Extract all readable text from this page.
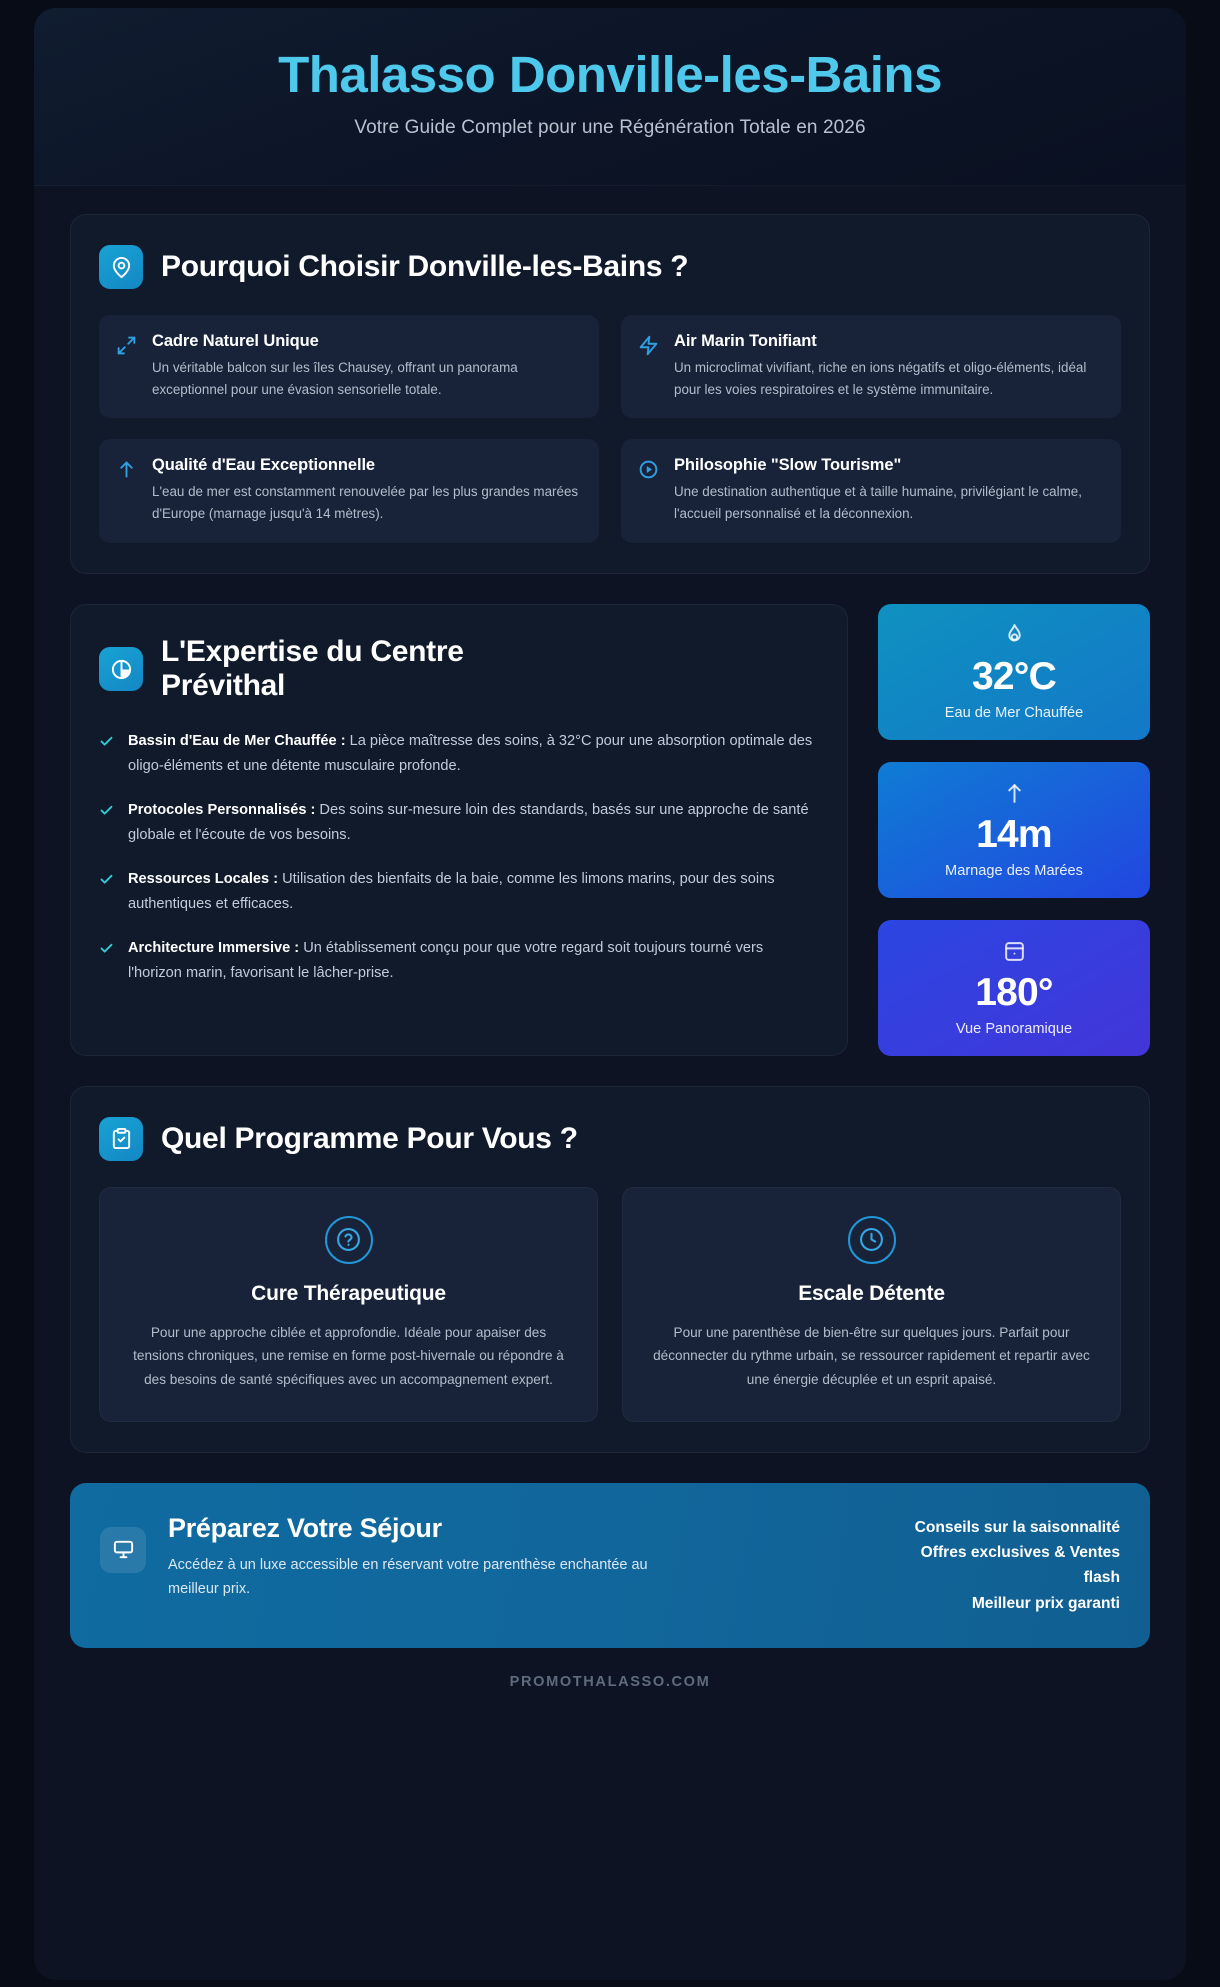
Thalasso Donville-les-Bains
Votre Guide Complet pour une Régénération Totale en 2026
Pourquoi Choisir Donville-les-Bains ?
Cadre Naturel Unique

Un véritable balcon sur les îles Chausey, offrant un panorama exceptionnel pour une évasion sensorielle totale.

Air Marin Tonifiant

Un microclimat vivifiant, riche en ions négatifs et oligo-éléments, idéal pour les voies respiratoires et le système immunitaire.

Qualité d'Eau Exceptionnelle

L'eau de mer est constamment renouvelée par les plus grandes marées d'Europe (marnage jusqu'à 14 mètres).

Philosophie "Slow Tourisme"

Une destination authentique et à taille humaine, privilégiant le calme, l'accueil personnalisé et la déconnexion.

L'Expertise du Centre Prévithal
Bassin d'Eau de Mer Chauffée : La pièce maîtresse des soins, à 32°C pour une absorption optimale des oligo-éléments et une détente musculaire profonde.
Protocoles Personnalisés : Des soins sur-mesure loin des standards, basés sur une approche de santé globale et l'écoute de vos besoins.
Ressources Locales : Utilisation des bienfaits de la baie, comme les limons marins, pour des soins authentiques et efficaces.
Architecture Immersive : Un établissement conçu pour que votre regard soit toujours tourné vers l'horizon marin, favorisant le lâcher-prise.
32°C
Eau de Mer Chauffée
14m
Marnage des Marées
180°
Vue Panoramique
Quel Programme Pour Vous ?
Cure Thérapeutique

Pour une approche ciblée et approfondie. Idéale pour apaiser des tensions chroniques, une remise en forme post-hivernale ou répondre à des besoins de santé spécifiques avec un accompagnement expert.

Escale Détente

Pour une parenthèse de bien-être sur quelques jours. Parfait pour déconnecter du rythme urbain, se ressourcer rapidement et repartir avec une énergie décuplée et un esprit apaisé.

Préparez Votre Séjour

Accédez à un luxe accessible en réservant votre parenthèse enchantée au meilleur prix.

Conseils sur la saisonnalité
Offres exclusives & Ventes flash
Meilleur prix garanti
PROMOTHALASSO.COM
